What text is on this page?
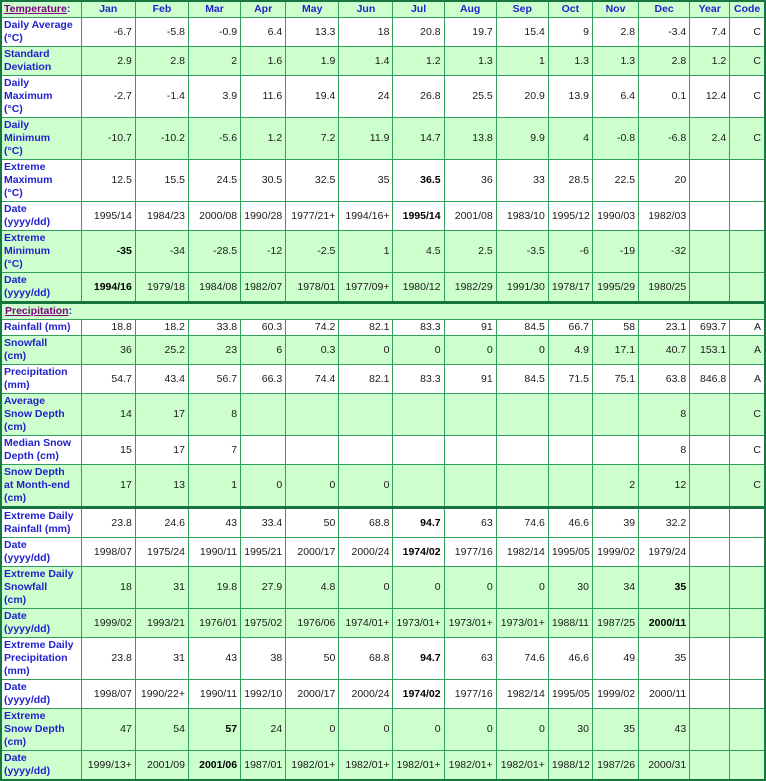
Temperature:	Jan	Feb	Mar	Apr	May	Jun	Jul	Aug	Sep	Oct	Nov	Dec	Year	Code

Daily Average
(°C)	-6.7	-5.8	-0.9	6.4	13.3	18	20.8	19.7	15.4	9	2.8	-3.4	7.4	C

Standard
Deviation	2.9	2.8	2	1.6	1.9	1.4	1.2	1.3	1	1.3	1.3	2.8	1.2	C

Daily
Maximum
(°C)	-2.7	-1.4	3.9	11.6	19.4	24	26.8	25.5	20.9	13.9	6.4	0.1	12.4	C

Daily
Minimum
(°C)	-10.7	-10.2	-5.6	1.2	7.2	11.9	14.7	13.8	9.9	4	-0.8	-6.8	2.4	C

Extreme
Maximum
(°C)	12.5	15.5	24.5	30.5	32.5	35	36.5	36	33	28.5	22.5	20		

Date
(yyyy/dd)	1995/14	1984/23	2000/08	1990/28	1977/21+	1994/16+	1995/14	2001/08	1983/10	1995/12	1990/03	1982/03		

Extreme
Minimum
(°C)	-35	-34	-28.5	-12	-2.5	1	4.5	2.5	-3.5	-6	-19	-32		

Date
(yyyy/dd)	1994/16	1979/18	1984/08	1982/07	1978/01	1977/09+	1980/12	1982/29	1991/30	1978/17	1995/29	1980/25		
Precipitation:														

Rainfall (mm)	18.8	18.2	33.8	60.3	74.2	82.1	83.3	91	84.5	66.7	58	23.1	693.7	A

Snowfall
(cm)	36	25.2	23	6	0.3	0	0	0	0	4.9	17.1	40.7	153.1	A

Precipitation
(mm)	54.7	43.4	56.7	66.3	74.4	82.1	83.3	91	84.5	71.5	75.1	63.8	846.8	A

Average
Snow Depth
(cm)	14	17	8									8		C

Median Snow
Depth (cm)	15	17	7									8		C

Snow Depth
at Month-end
(cm)	17	13	1	0	0	0					2	12		C

Extreme Daily
Rainfall (mm)	23.8	24.6	43	33.4	50	68.8	94.7	63	74.6	46.6	39	32.2		

Date
(yyyy/dd)	1998/07	1975/24	1990/11	1995/21	2000/17	2000/24	1974/02	1977/16	1982/14	1995/05	1999/02	1979/24		

Extreme Daily
Snowfall
(cm)	18	31	19.8	27.9	4.8	0	0	0	0	30	34	35		

Date
(yyyy/dd)	1999/02	1993/21	1976/01	1975/02	1976/06	1974/01+	1973/01+	1973/01+	1973/01+	1988/11	1987/25	2000/11		

Extreme Daily
Precipitation
(mm)	23.8	31	43	38	50	68.8	94.7	63	74.6	46.6	49	35		

Date
(yyyy/dd)	1998/07	1990/22+	1990/11	1992/10	2000/17	2000/24	1974/02	1977/16	1982/14	1995/05	1999/02	2000/11		

Extreme
Snow Depth
(cm)	47	54	57	24	0	0	0	0	0	30	35	43		

Date
(yyyy/dd)	1999/13+	2001/09	2001/06	1987/01	1982/01+	1982/01+	1982/01+	1982/01+	1982/01+	1988/12	1987/26	2000/31		
